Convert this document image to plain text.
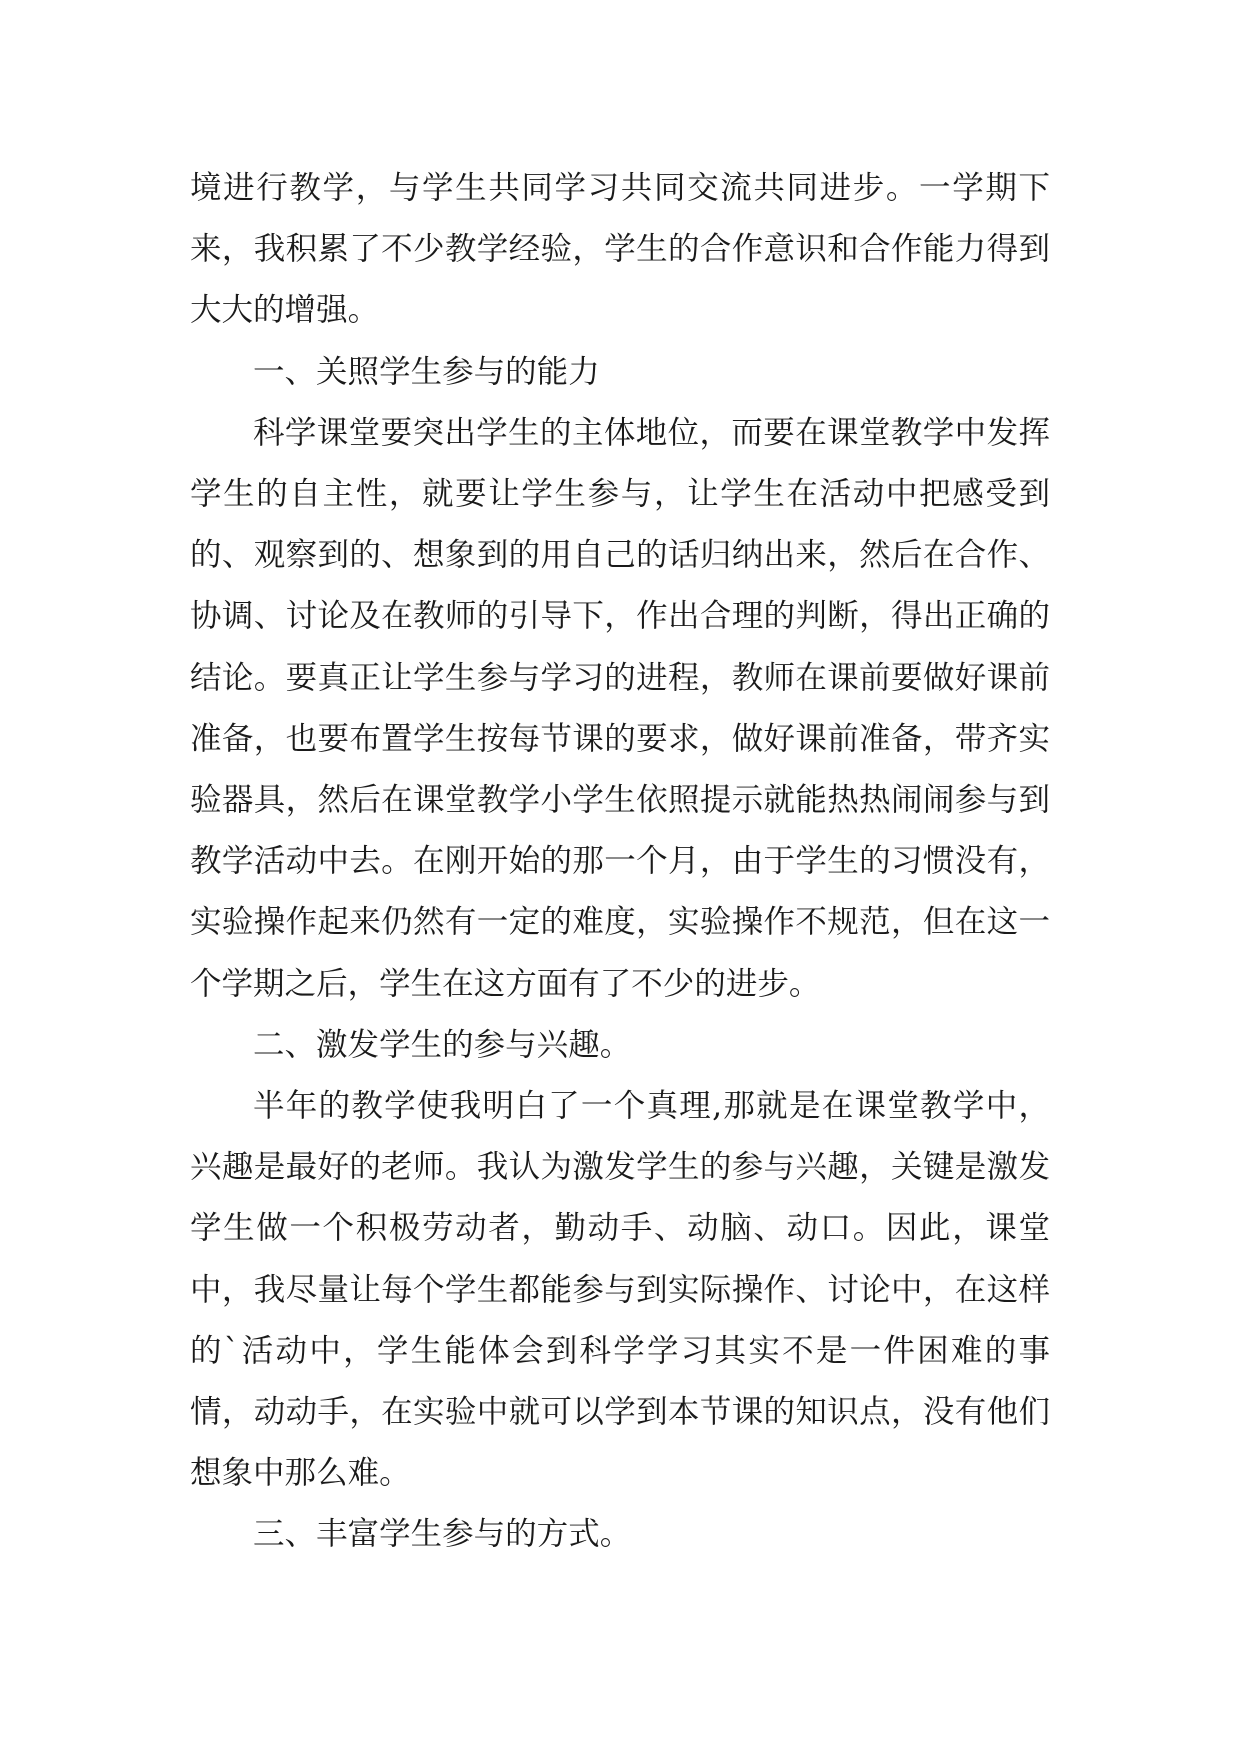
境进行教学，与学生共同学习共同交流共同进步。一学期下来，我积累了不少教学经验，学生的合作意识和合作能力得到大大的增强。

一、关照学生参与的能力

科学课堂要突出学生的主体地位，而要在课堂教学中发挥学生的自主性，就要让学生参与，让学生在活动中把感受到的、观察到的、想象到的用自己的话归纳出来，然后在合作、协调、讨论及在教师的引导下，作出合理的判断，得出正确的结论。要真正让学生参与学习的进程，教师在课前要做好课前准备，也要布置学生按每节课的要求，做好课前准备，带齐实验器具，然后在课堂教学小学生依照提示就能热热闹闹参与到教学活动中去。在刚开始的那一个月，由于学生的习惯没有，实验操作起来仍然有一定的难度，实验操作不规范，但在这一个学期之后，学生在这方面有了不少的进步。

二、激发学生的参与兴趣。

半年的教学使我明白了一个真理,那就是在课堂教学中，兴趣是最好的老师。我认为激发学生的参与兴趣，关键是激发学生做一个积极劳动者，勤动手、动脑、动口。因此，课堂中，我尽量让每个学生都能参与到实际操作、讨论中，在这样的`活动中，学生能体会到科学学习其实不是一件困难的事情，动动手，在实验中就可以学到本节课的知识点，没有他们想象中那么难。

三、丰富学生参与的方式。
